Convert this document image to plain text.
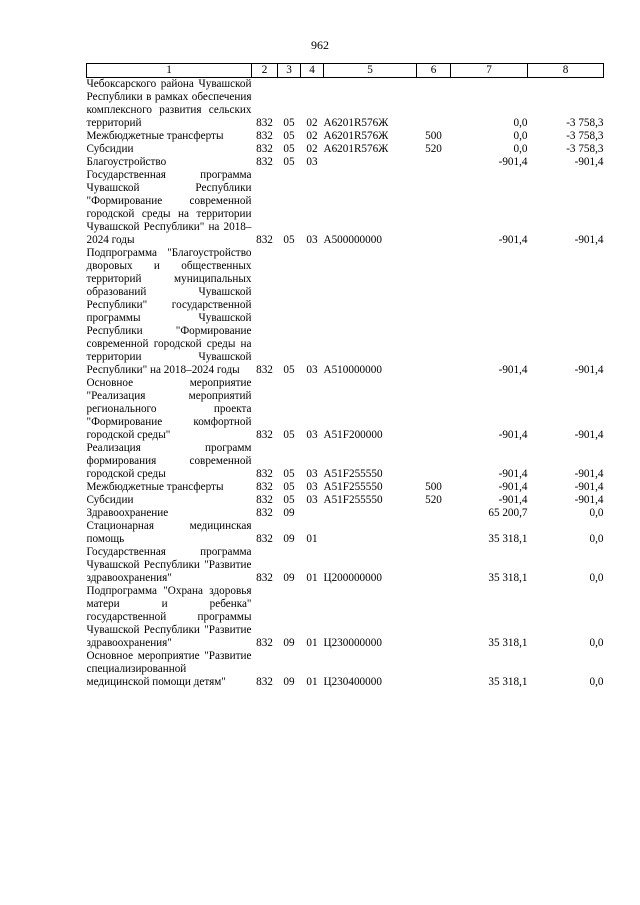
962
1	2	3	4	5	6	7	8
Чебоксарского района Чувашской Республики в рамках обеспечения комплексного развития сельских территорий	832	05	02	А6201R576Ж		0,0	-3 758,3
Межбюджетные трансферты	832	05	02	А6201R576Ж	500	0,0	-3 758,3
Субсидии	832	05	02	А6201R576Ж	520	0,0	-3 758,3
Благоустройство	832	05	03			-901,4	-901,4
Государственная программа Чувашской Республики "Формирование современной городской среды на территории Чувашской Республики" на 2018–2024 годы	832	05	03	А500000000		-901,4	-901,4
Подпрограмма "Благоустройство дворовых и общественных территорий муниципальных образований Чувашской Республики" государственной программы Чувашской Республики "Формирование современной городской среды на территории Чувашской Республики" на 2018–2024 годы	832	05	03	А510000000		-901,4	-901,4
Основное мероприятие "Реализация мероприятий регионального проекта "Формирование комфортной городской среды"	832	05	03	А51F200000		-901,4	-901,4
Реализация программ формирования современной городской среды	832	05	03	А51F255550		-901,4	-901,4
Межбюджетные трансферты	832	05	03	А51F255550	500	-901,4	-901,4
Субсидии	832	05	03	А51F255550	520	-901,4	-901,4
Здравоохранение	832	09				65 200,7	0,0
Стационарная медицинская помощь	832	09	01			35 318,1	0,0
Государственная программа Чувашской Республики "Развитие здравоохранения"	832	09	01	Ц200000000		35 318,1	0,0
Подпрограмма "Охрана здоровья матери и ребенка" государственной программы Чувашской Республики "Развитие здравоохранения"	832	09	01	Ц230000000		35 318,1	0,0
Основное мероприятие "Развитие специализированной медицинской помощи детям"	832	09	01	Ц230400000		35 318,1	0,0
